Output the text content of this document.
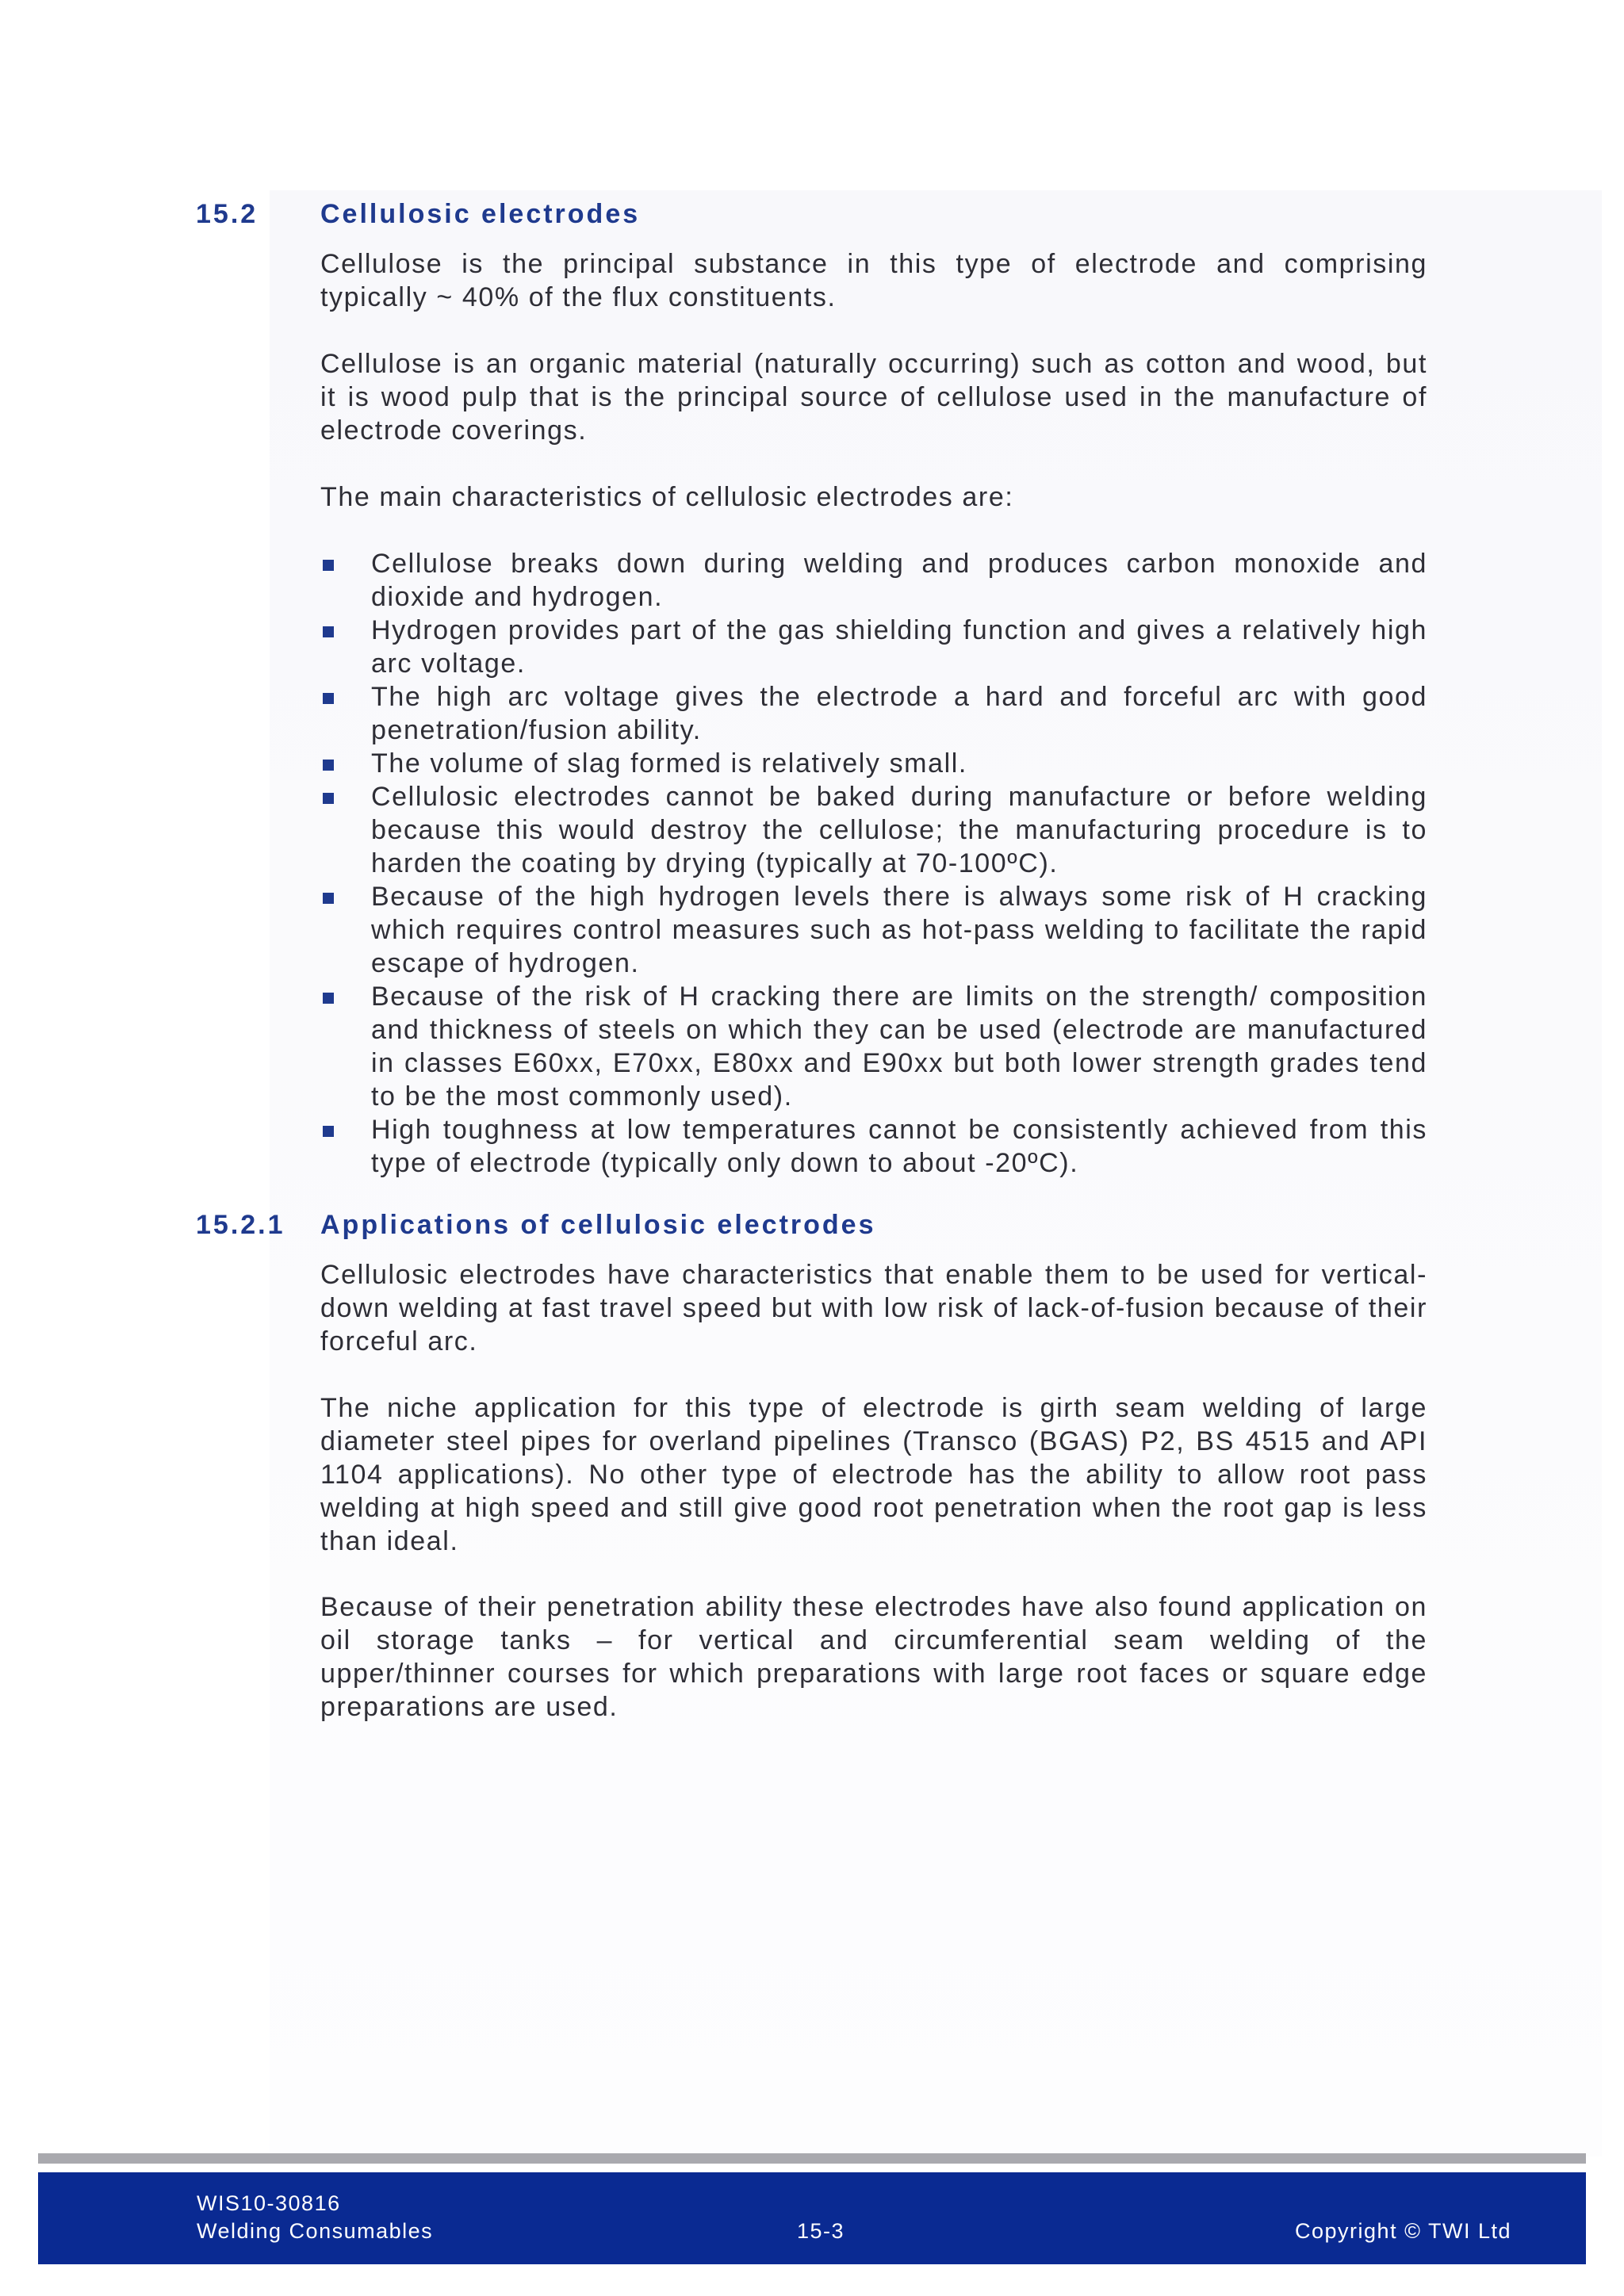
15.2 Cellulosic electrodes

Cellulose is the principal substance in this type of electrode and comprising typically ~ 40% of the flux constituents.

Cellulose is an organic material (naturally occurring) such as cotton and wood, but it is wood pulp that is the principal source of cellulose used in the manufacture of electrode coverings.

The main characteristics of cellulosic electrodes are:

Cellulose breaks down during welding and produces carbon monoxide and dioxide and hydrogen.
Hydrogen provides part of the gas shielding function and gives a relatively high arc voltage.
The high arc voltage gives the electrode a hard and forceful arc with good penetration/fusion ability.
The volume of slag formed is relatively small.
Cellulosic electrodes cannot be baked during manufacture or before welding because this would destroy the cellulose; the manufacturing procedure is to harden the coating by drying (typically at 70-100ºC).
Because of the high hydrogen levels there is always some risk of H cracking which requires control measures such as hot-pass welding to facilitate the rapid escape of hydrogen.
Because of the risk of H cracking there are limits on the strength/ composition and thickness of steels on which they can be used (electrode are manufactured in classes E60xx, E70xx, E80xx and E90xx but both lower strength grades tend to be the most commonly used).
High toughness at low temperatures cannot be consistently achieved from this type of electrode (typically only down to about -20ºC).
15.2.1 Applications of cellulosic electrodes

Cellulosic electrodes have characteristics that enable them to be used for vertical-down welding at fast travel speed but with low risk of lack-of-fusion because of their forceful arc.

The niche application for this type of electrode is girth seam welding of large diameter steel pipes for overland pipelines (Transco (BGAS) P2, BS 4515 and API 1104 applications). No other type of electrode has the ability to allow root pass welding at high speed and still give good root penetration when the root gap is less than ideal.

Because of their penetration ability these electrodes have also found application on oil storage tanks – for vertical and circumferential seam welding of the upper/thinner courses for which preparations with large root faces or square edge preparations are used.

WIS10-30816
Welding Consumables	15-3	Copyright © TWI Ltd
